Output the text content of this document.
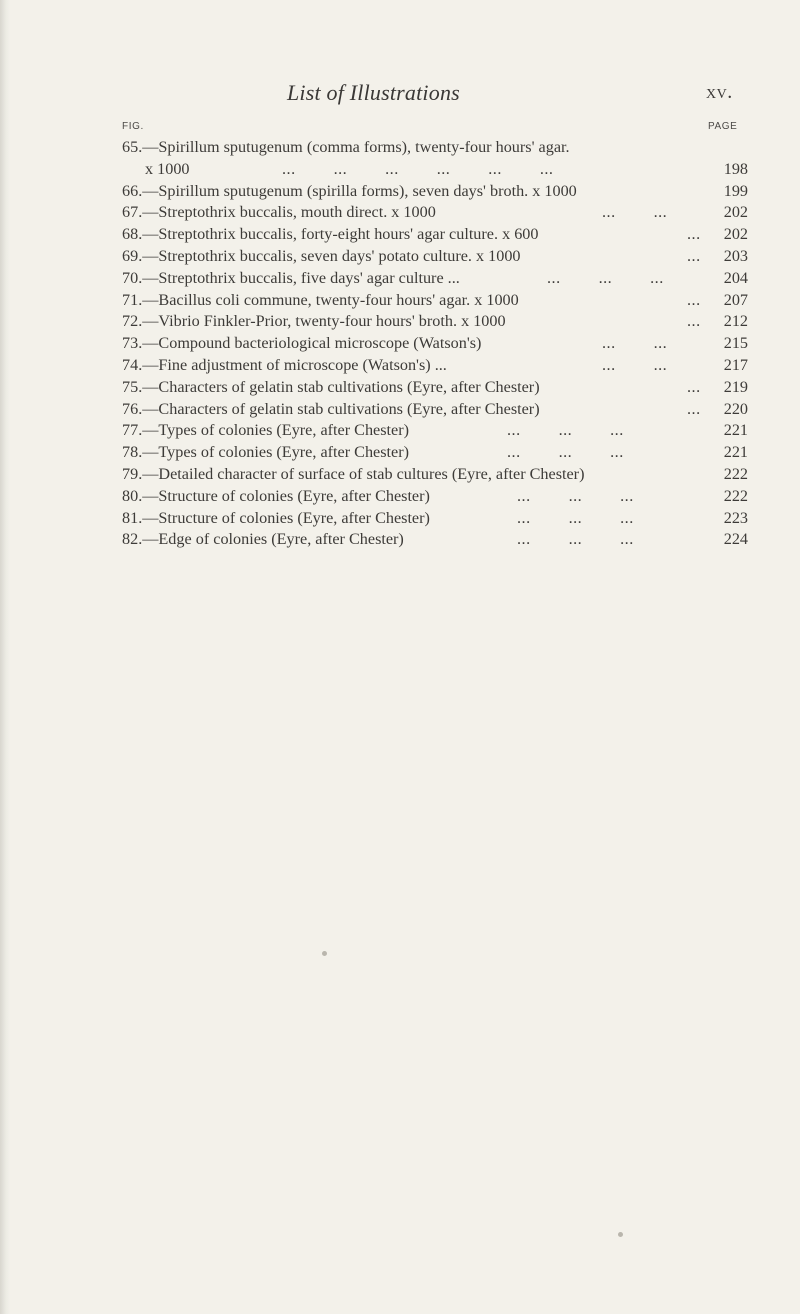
List of Illustrations	xv.
FIG.	PAGE
65.—Spirillum sputugenum (comma forms), twenty-four hours' agar.
x 1000	...   ...   ...   ...   ...   ...	198
66.—Spirillum sputugenum (spirilla forms), seven days' broth. x 1000	199
67.—Streptothrix buccalis, mouth direct. x 1000	...   ...	202
68.—Streptothrix buccalis, forty-eight hours' agar culture. x 600	... 202
69.—Streptothrix buccalis, seven days' potato culture. x 1000	... 203
70.—Streptothrix buccalis, five days' agar culture ...	...   ...   ...	204
71.—Bacillus coli commune, twenty-four hours' agar. x 1000	... 207
72.—Vibrio Finkler-Prior, twenty-four hours' broth. x 1000	... 212
73.—Compound bacteriological microscope (Watson's)	...   ...	215
74.—Fine adjustment of microscope (Watson's) ...	...   ...	217
75.—Characters of gelatin stab cultivations (Eyre, after Chester)	... 219
76.—Characters of gelatin stab cultivations (Eyre, after Chester)	... 220
77.—Types of colonies (Eyre, after Chester)	...   ...   ...	221
78.—Types of colonies (Eyre, after Chester)	...   ...   ...	221
79.—Detailed character of surface of stab cultures (Eyre, after Chester)	222
80.—Structure of colonies (Eyre, after Chester)	...   ...   ...	222
81.—Structure of colonies (Eyre, after Chester)	...   ...   ...	223
82.—Edge of colonies (Eyre, after Chester)	...   ...   ...	224
